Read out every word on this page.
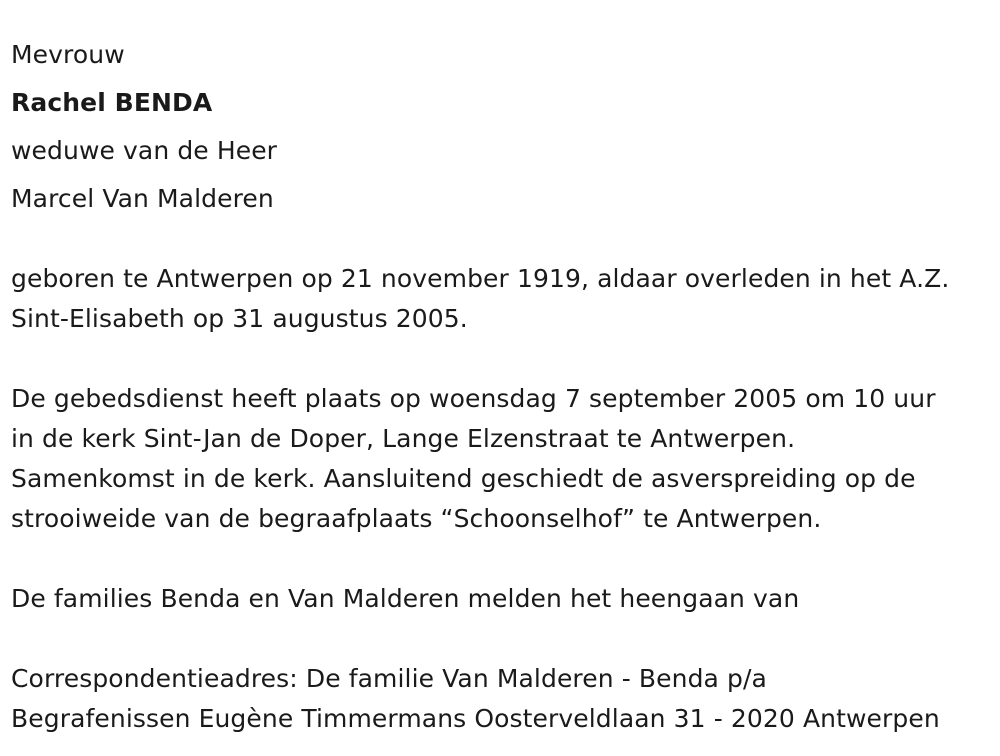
Mevrouw
Rachel BENDA
weduwe van de Heer
Marcel Van Malderen
geboren te Antwerpen op 21 november 1919, aldaar overleden in het A.Z.
Sint-Elisabeth op 31 augustus 2005.
De gebedsdienst heeft plaats op woensdag 7 september 2005 om 10 uur
in de kerk Sint-Jan de Doper, Lange Elzenstraat te Antwerpen.
Samenkomst in de kerk. Aansluitend geschiedt de asverspreiding op de
strooiweide van de begraafplaats “Schoonselhof” te Antwerpen.
De families Benda en Van Malderen melden het heengaan van
Correspondentieadres: De familie Van Malderen - Benda p/a
Begrafenissen Eugène Timmermans Oosterveldlaan 31 - 2020 Antwerpen
